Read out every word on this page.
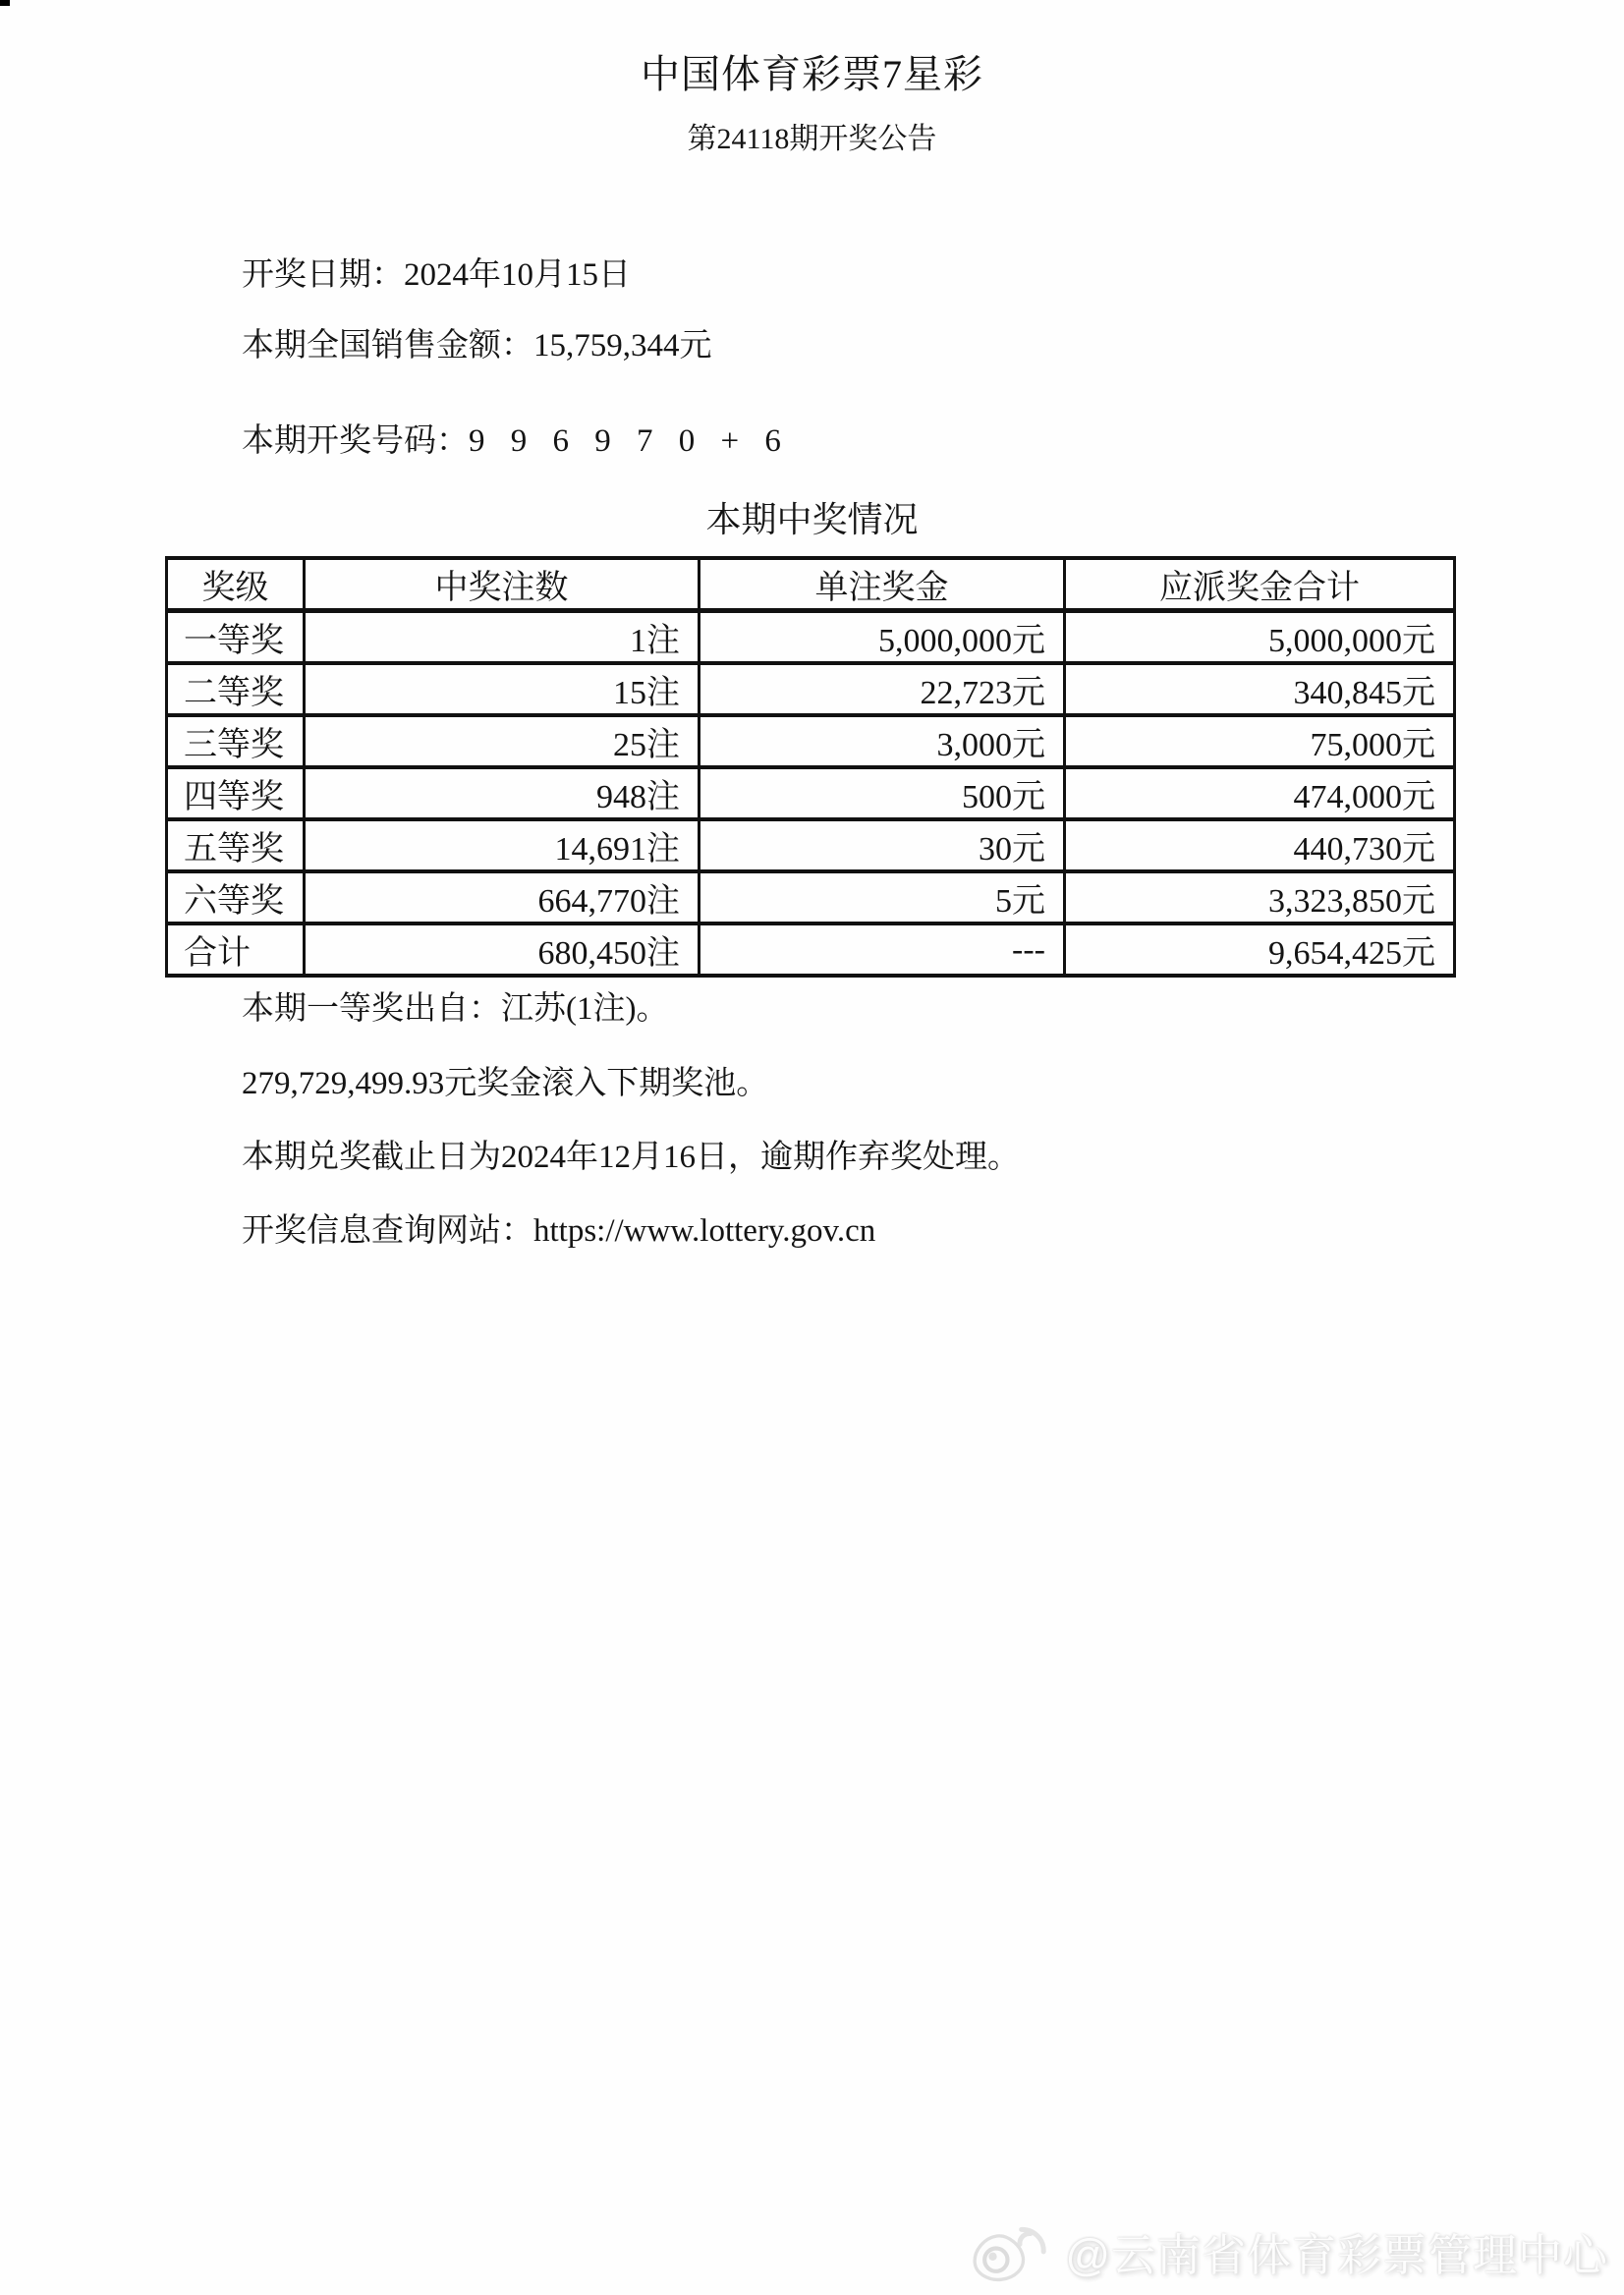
中国体育彩票7星彩
第24118期开奖公告
开奖日期：2024年10月15日
本期全国销售金额：15,759,344元
本期开奖号码：9 9 6 9 7 0 + 6
本期中奖情况
奖级	中奖注数	单注奖金	应派奖金合计
一等奖	1注	5,000,000元	5,000,000元
二等奖	15注	22,723元	340,845元
三等奖	25注	3,000元	75,000元
四等奖	948注	500元	474,000元
五等奖	14,691注	30元	440,730元
六等奖	664,770注	5元	3,323,850元
合计	680,450注	---	9,654,425元
本期一等奖出自：江苏(1注)。
279,729,499.93元奖金滚入下期奖池。
本期兑奖截止日为2024年12月16日，逾期作弃奖处理。
开奖信息查询网站：https://www.lottery.gov.cn
@云南省体育彩票管理中心
